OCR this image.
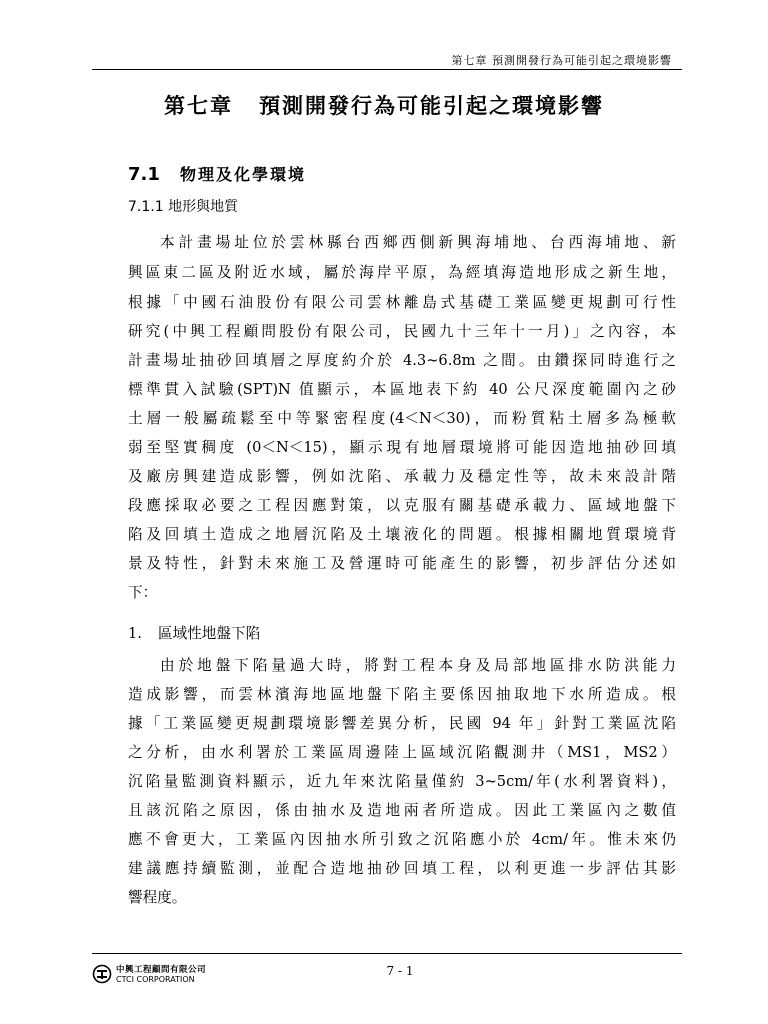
第七章 預測開發行為可能引起之環境影響
第七章 預測開發行為可能引起之環境影響
7.1 物理及化學環境
7.1.1 地形與地質
本計畫場址位於雲林縣台西鄉西側新興海埔地、台西海埔地、新
興區東二區及附近水域，屬於海岸平原，為經填海造地形成之新生地，
根據「中國石油股份有限公司雲林離島式基礎工業區變更規劃可行性
研究(中興工程顧問股份有限公司，民國九十三年十一月)」之內容，本
計畫場址抽砂回填層之厚度約介於 4.3~6.8m 之間。由鑽探同時進行之
標準貫入試驗(SPT)N 值顯示，本區地表下約 40 公尺深度範圍內之砂
土層一般屬疏鬆至中等緊密程度(4＜N＜30)，而粉質粘土層多為極軟
弱至堅實稠度 (0＜N＜15)，顯示現有地層環境將可能因造地抽砂回填
及廠房興建造成影響，例如沈陷、承載力及穩定性等，故未來設計階
段應採取必要之工程因應對策，以克服有關基礎承載力、區域地盤下
陷及回填土造成之地層沉陷及土壤液化的問題。根據相關地質環境背
景及特性，針對未來施工及營運時可能產生的影響，初步評估分述如
下：
1. 區域性地盤下陷
由於地盤下陷量過大時，將對工程本身及局部地區排水防洪能力
造成影響，而雲林濱海地區地盤下陷主要係因抽取地下水所造成。根
據「工業區變更規劃環境影響差異分析，民國 94 年」針對工業區沈陷
之分析，由水利署於工業區周邊陸上區域沉陷觀測井（MS1，MS2）
沉陷量監測資料顯示，近九年來沈陷量僅約 3~5cm/年(水利署資料)，
且該沉陷之原因，係由抽水及造地兩者所造成。因此工業區內之數值
應不會更大，工業區內因抽水所引致之沉陷應小於 4cm/年。惟未來仍
建議應持續監測，並配合造地抽砂回填工程，以利更進一步評估其影
響程度。
中興工程顧問有限公司
CTCI CORPORATION
7 - 1
